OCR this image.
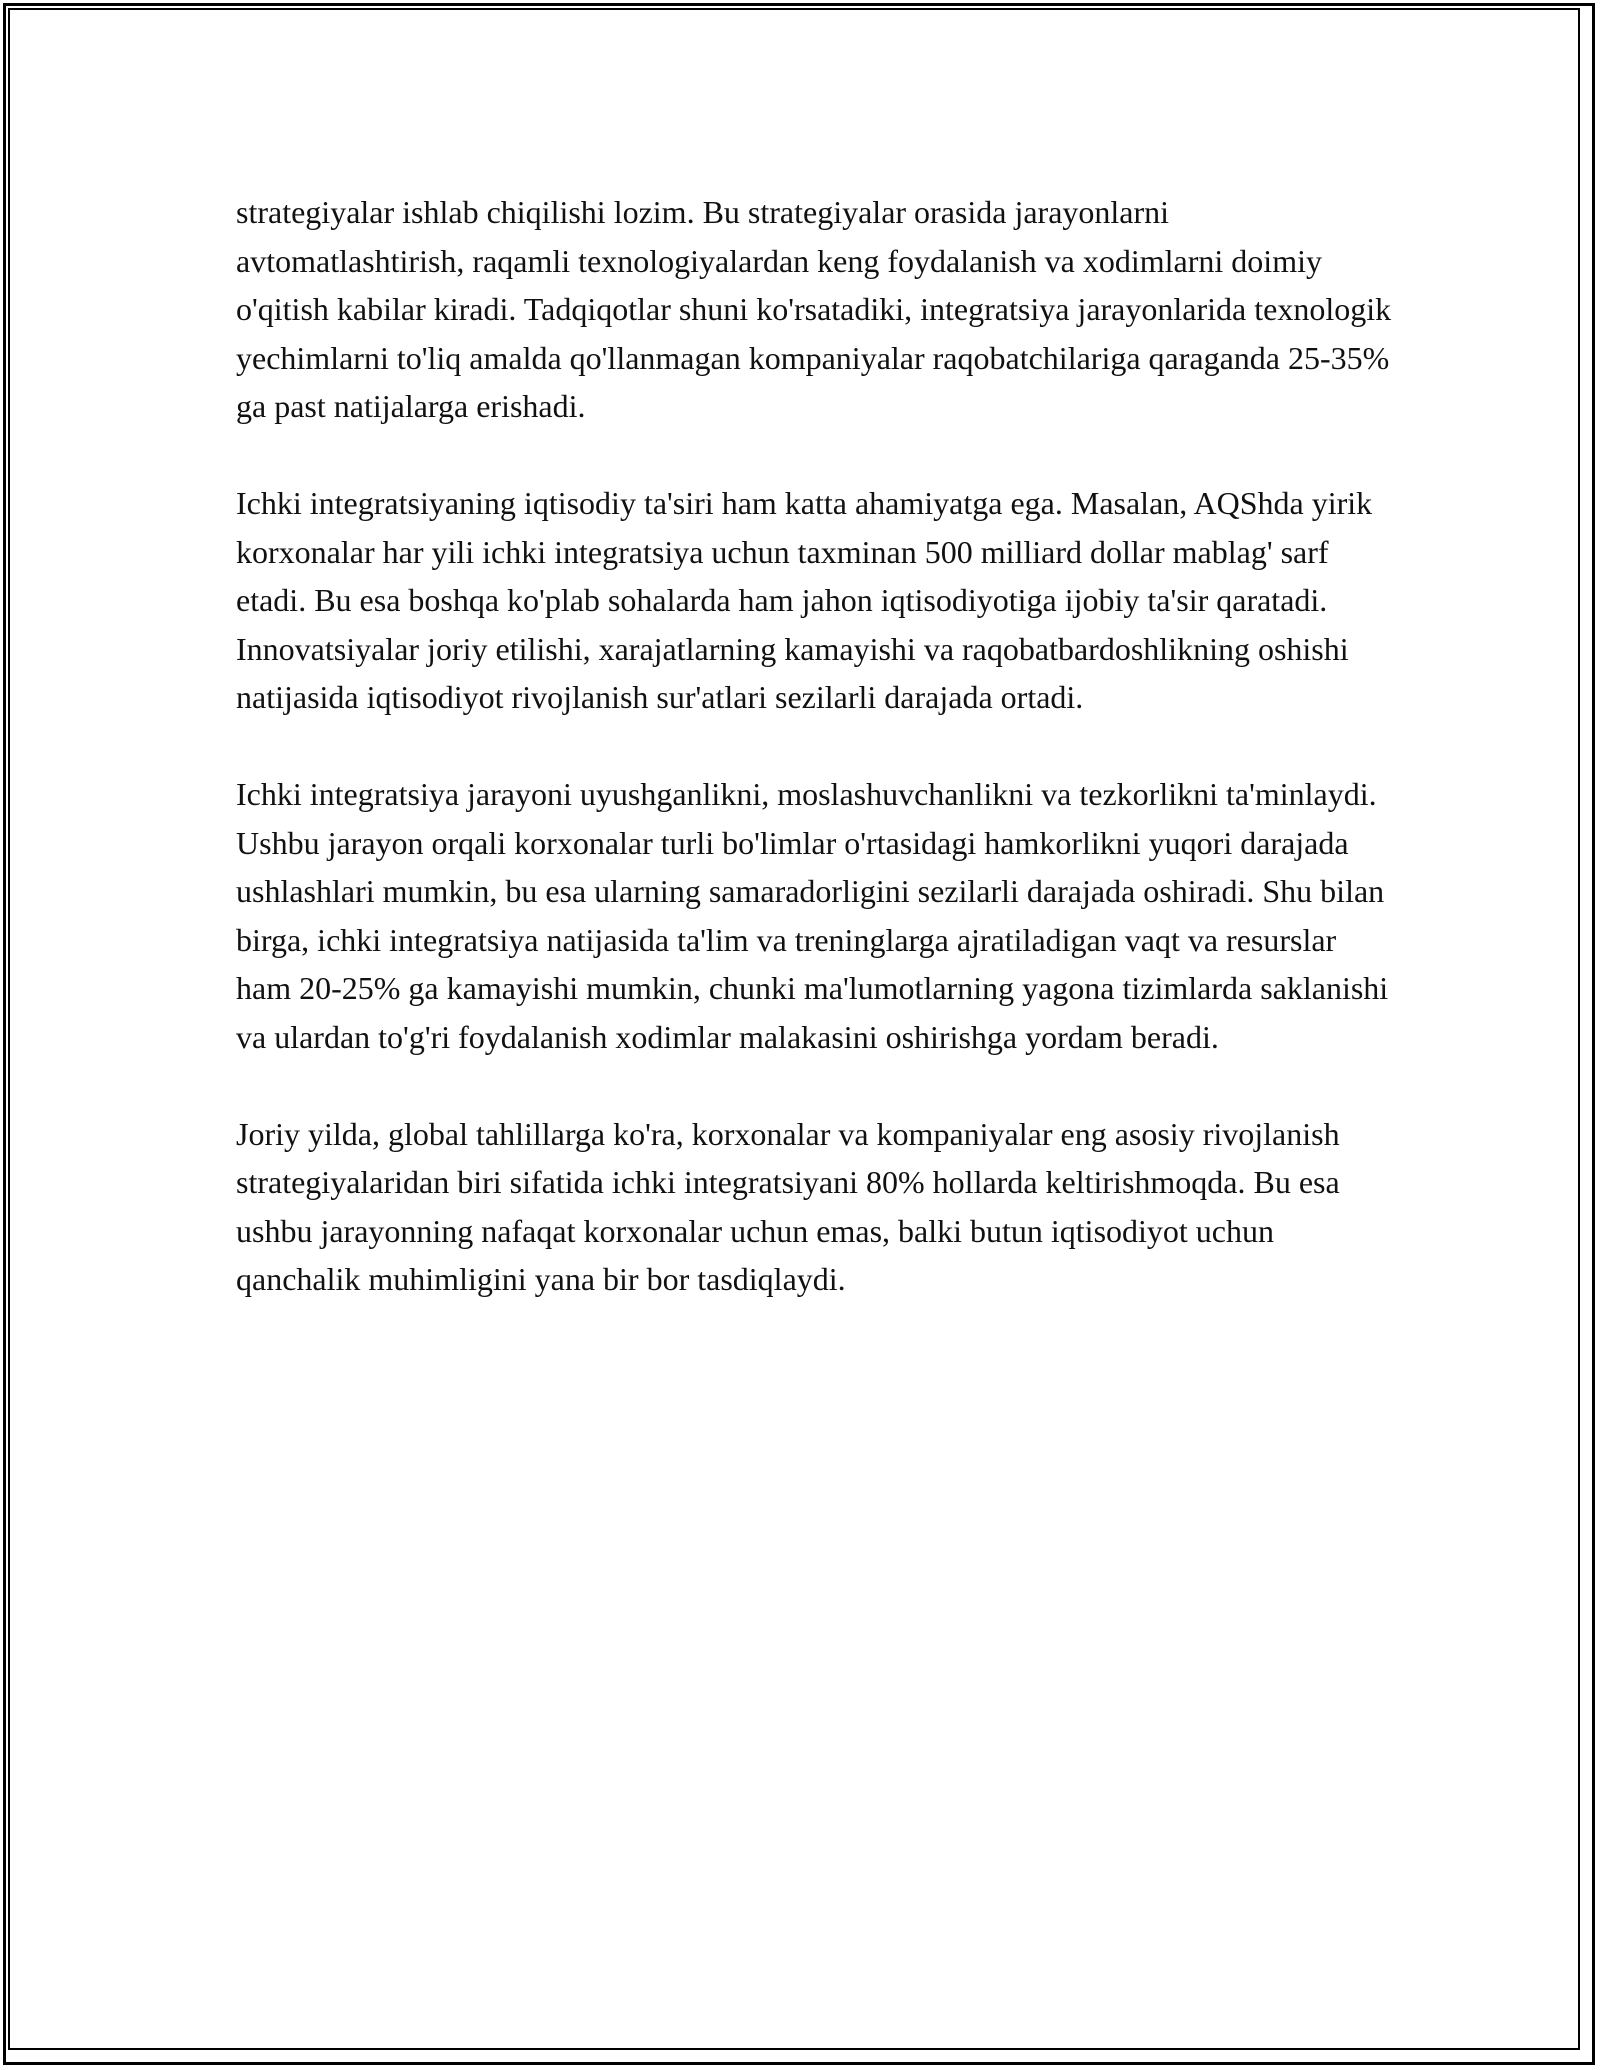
strategiyalar ishlab chiqilishi lozim. Bu strategiyalar orasida jarayonlarni avtomatlashtirish, raqamli texnologiyalardan keng foydalanish va xodimlarni doimiy o'qitish kabilar kiradi. Tadqiqotlar shuni ko'rsatadiki, integratsiya jarayonlarida texnologik yechimlarni to'liq amalda qo'llanmagan kompaniyalar raqobatchilariga qaraganda 25-35% ga past natijalarga erishadi.

Ichki integratsiyaning iqtisodiy ta'siri ham katta ahamiyatga ega. Masalan, AQShda yirik korxonalar har yili ichki integratsiya uchun taxminan 500 milliard dollar mablag' sarf etadi. Bu esa boshqa ko'plab sohalarda ham jahon iqtisodiyotiga ijobiy ta'sir qaratadi. Innovatsiyalar joriy etilishi, xarajatlarning kamayishi va raqobatbardoshlikning oshishi natijasida iqtisodiyot rivojlanish sur'atlari sezilarli darajada ortadi.

Ichki integratsiya jarayoni uyushganlikni, moslashuvchanlikni va tezkorlikni ta'minlaydi. Ushbu jarayon orqali korxonalar turli bo'limlar o'rtasidagi hamkorlikni yuqori darajada ushlashlari mumkin, bu esa ularning samaradorligini sezilarli darajada oshiradi. Shu bilan birga, ichki integratsiya natijasida ta'lim va treninglarga ajratiladigan vaqt va resurslar ham 20-25% ga kamayishi mumkin, chunki ma'lumotlarning yagona tizimlarda saklanishi va ulardan to'g'ri foydalanish xodimlar malakasini oshirishga yordam beradi.

Joriy yilda, global tahlillarga ko'ra, korxonalar va kompaniyalar eng asosiy rivojlanish strategiyalaridan biri sifatida ichki integratsiyani 80% hollarda keltirishmoqda. Bu esa ushbu jarayonning nafaqat korxonalar uchun emas, balki butun iqtisodiyot uchun qanchalik muhimligini yana bir bor tasdiqlaydi.
